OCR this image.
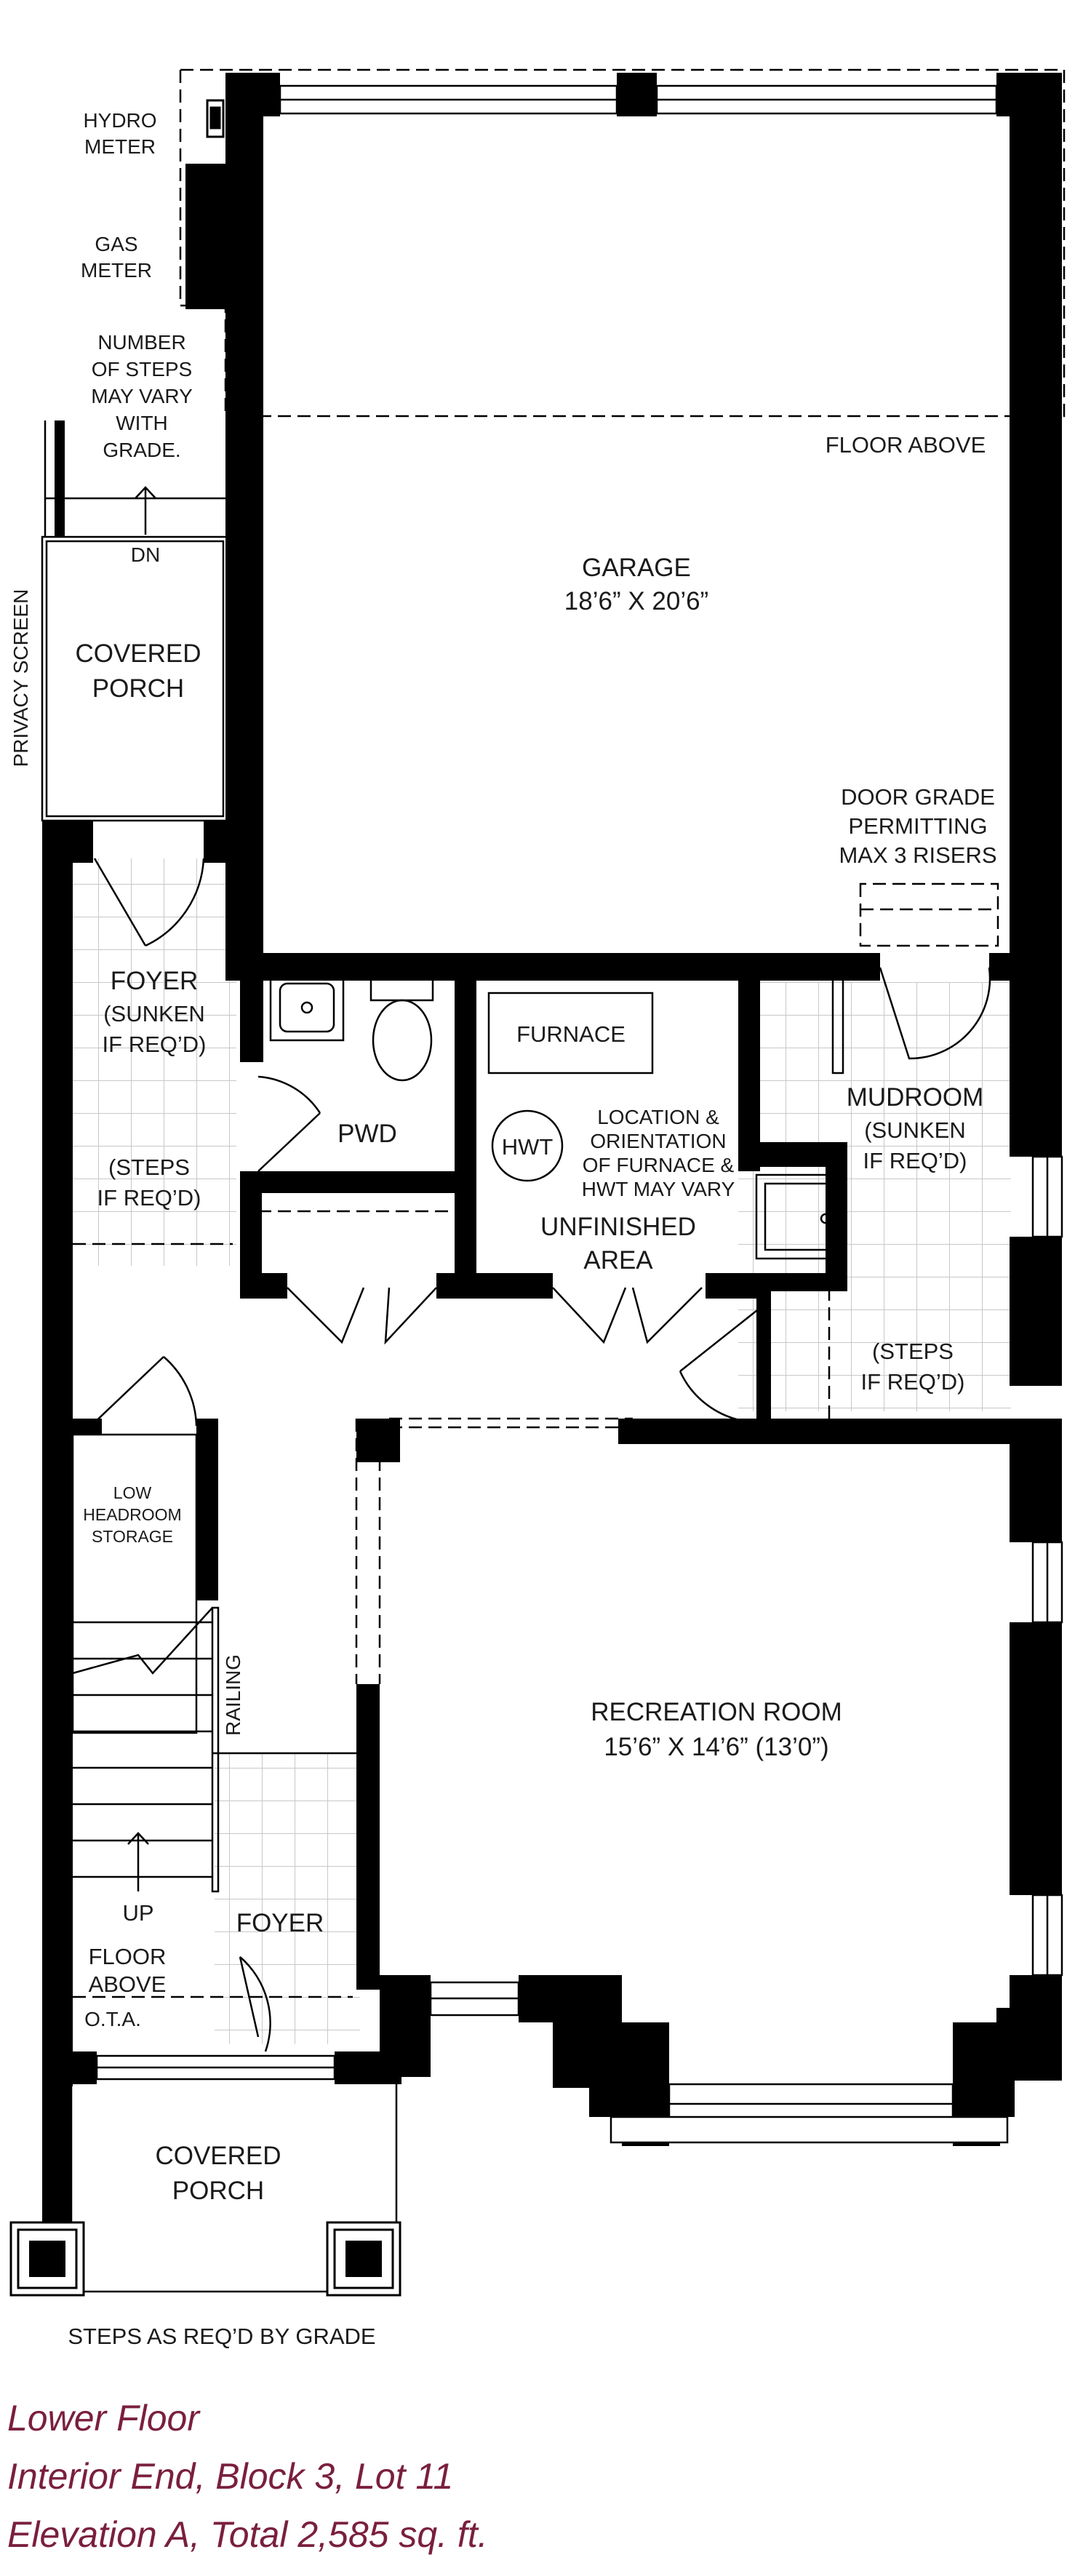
HYDRO METER
GAS METER
NUMBER OF STEPS MAY VARY WITH GRADE.
DN
PRIVACY SCREEN COVERED PORCH
FLOOR ABOVE
GARAGE 18’6” X 20’6”
DOOR GRADE PERMITTING MAX 3 RISERS
FOYER (SUNKEN IF REQ’D)
(STEPS IF REQ’D)
PWD
FURNACE
HWT
LOCATION & ORIENTATION OF FURNACE & HWT MAY VARY
UNFINISHED AREA
MUDROOM (SUNKEN IF REQ’D)
(STEPS IF REQ’D)
LOW HEADROOM STORAGE
RAILING	RECREATION ROOM 15’6” X 14’6” (13’0”)
UP	FOYER
FLOOR ABOVE
O.T.A.
COVERED PORCH
STEPS AS REQ’D BY GRADE
Lower Floor
Interior End, Block 3, Lot 11
Elevation A, Total 2,585 sq. ft.
